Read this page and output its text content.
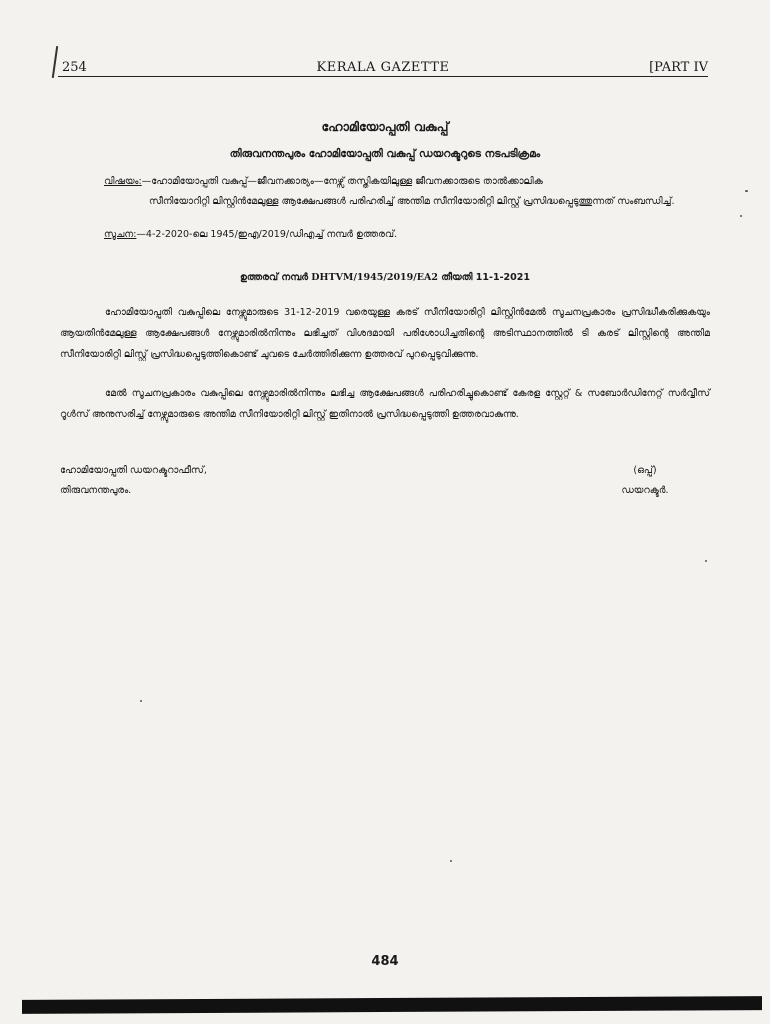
254	KERALA GAZETTE	[PART IV
ഹോമിയോപ്പതി വകുപ്പ്
തിരുവനന്തപുരം ഹോമിയോപ്പതി വകുപ്പ് ഡയറക്ടറുടെ നടപടിക്രമം
വിഷയം:—ഹോമിയോപ്പതി വകുപ്പ്—ജീവനക്കാര്യം—നേഴ്സ് തസ്തികയിലുള്ള ജീവനക്കാരുടെ താൽക്കാലിക
സീനിയോറിറ്റി ലിസ്റ്റിൻമേലുള്ള ആക്ഷേപങ്ങൾ പരിഹരിച്ച് അന്തിമ സീനിയോരിറ്റി ലിസ്റ്റ് പ്രസിദ്ധപ്പെടുത്തുന്നത് സംബന്ധിച്ച്.
സൂചന:—4-2-2020-ലെ 1945/ഇഎ/2019/ഡിഎച്ച് നമ്പർ ഉത്തരവ്.
ഉത്തരവ് നമ്പർ DHTVM/1945/2019/EA2 തീയതി 11-1-2021
ഹോമിയോപ്പതി വകുപ്പിലെ നേഴ്സുമാരുടെ 31-12-2019 വരെയുള്ള കരട് സീനിയോരിറ്റി ലിസ്റ്റിൻമേൽ സൂചനപ്രകാരം പ്രസിദ്ധീകരിക്കുകയും ആയതിൻമേലുള്ള ആക്ഷേപങ്ങൾ നേഴ്സുമാരിൽനിന്നും ലഭിച്ചത് വിശദമായി പരിശോധിച്ചതിന്റെ അടിസ്ഥാനത്തിൽ ടി കരട് ലിസ്റ്റിന്റെ അന്തിമ സീനിയോരിറ്റി ലിസ്റ്റ് പ്രസിദ്ധപ്പെടുത്തികൊണ്ട് ചുവടെ ചേർത്തിരിക്കുന്ന ഉത്തരവ് പുറപ്പെടുവിക്കുന്നു.
മേൽ സൂചനപ്രകാരം വകുപ്പിലെ നേഴ്സുമാരിൽനിന്നും ലഭിച്ച ആക്ഷേപങ്ങൾ പരിഹരിച്ചുകൊണ്ട് കേരള സ്റ്റേറ്റ് & സബോർഡിനേറ്റ് സർവ്വീസ് റൂൾസ് അനുസരിച്ച് നേഴ്സുമാരുടെ അന്തിമ സീനിയോരിറ്റി ലിസ്റ്റ് ഇതിനാൽ പ്രസിദ്ധപ്പെടുത്തി ഉത്തരവാകുന്നു.
ഹോമിയോപ്പതി ഡയറക്ടറാഫീസ്,
തിരുവനന്തപുരം.
(ഒപ്പ്)
ഡയറക്ടർ.
484
